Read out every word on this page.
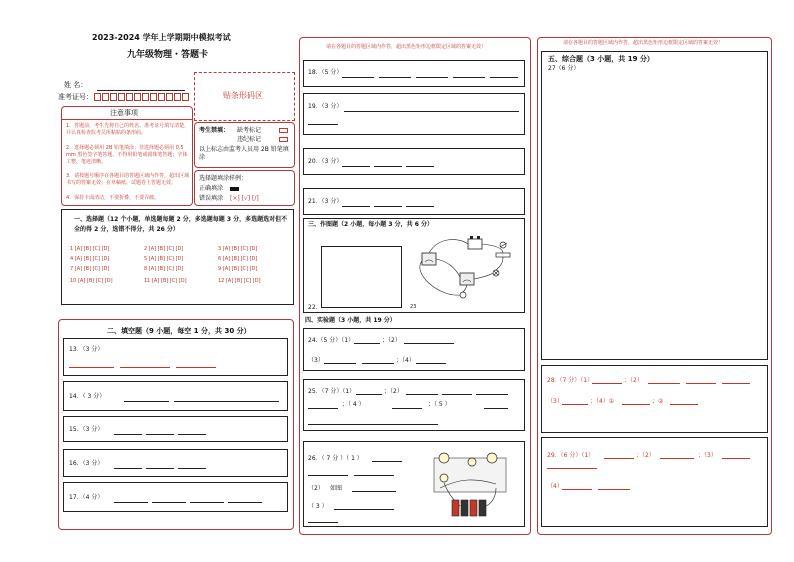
2023-2024 学年上学期期中模拟考试
九年级物理・答题卡
姓 名：
准考证号：	贴条形码区
注意事项
1．答题前，考生先将自己的姓名、准考证号填写清楚，并认真检查监考员所粘贴的条形码。
2．选择题必须用 2B 铅笔填涂；非选择题必须用 0.5 mm 黑色签字笔答题，不得用铅笔或圆珠笔答题；字体工整、笔迹清晰。
3．请按题号顺序在各题目的答题区域内作答，超出区域书写的答案无效；在草稿纸、试题卷上答题无效。
4．保持卡面清洁，不要折叠、不要弄破。
考生禁填： 缺考标记
违纪标记
以上标志由监考人员用 2B 铅笔填涂
选择题填涂样例：
正确填涂
错误填涂 [×] [√] [/]
一、选择题（12 个小题，单选题每题 2 分，多选题每题 3 分，多选题选对但不全的得 2 分，选错不得分，共 26 分）
1 [A] [B] [C] [D]	2 [A] [B] [C] [D]	3 [A] [B] [C] [D]
4 [A] [B] [C] [D]	5 [A] [B] [C] [D]	6 [A] [B] [C] [D]
7 [A] [B] [C] [D]	8 [A] [B] [C] [D]	9 [A] [B] [C] [D]
10 [A] [B] [C] [D]	11 [A] [B] [C] [D]	12 [A] [B] [C] [D]
二、填空题（9 小题，每空 1 分，共 30 分）
13．（3 分）
14．（ 3 分）
15．（3 分）
16．（3 分）
17．（4 分）
请在各题目的答题区域内作答，超出黑色矩形边框限定区域的答案无效！
18．（5 分）
19．（3 分）
20．（3 分）
21．（3 分）
三、作图题（2 小题，每小题 3 分，共 6 分）
22.	23
四、实验题（3 小题，共 19 分）
24.（5 分）（1）	；（2）
（3）	；（4）
25．（7 分）（1）	；（2）
；（ 4 ）	；（ 5 ）
26．（ 7 分 ）（ 1 ）
（2） 如图
（ 3 ）
请在各题目的答题区域内作答，超出黑色矩形边框限定区域的答案无效！
五、综合题（3 小题，共 19 分）
27（6 分）
28.（7 分）（1）	；（2）
（3）	；（4）①	；②
29．（6 分）（1）	；（2）	；（3）
（4）
